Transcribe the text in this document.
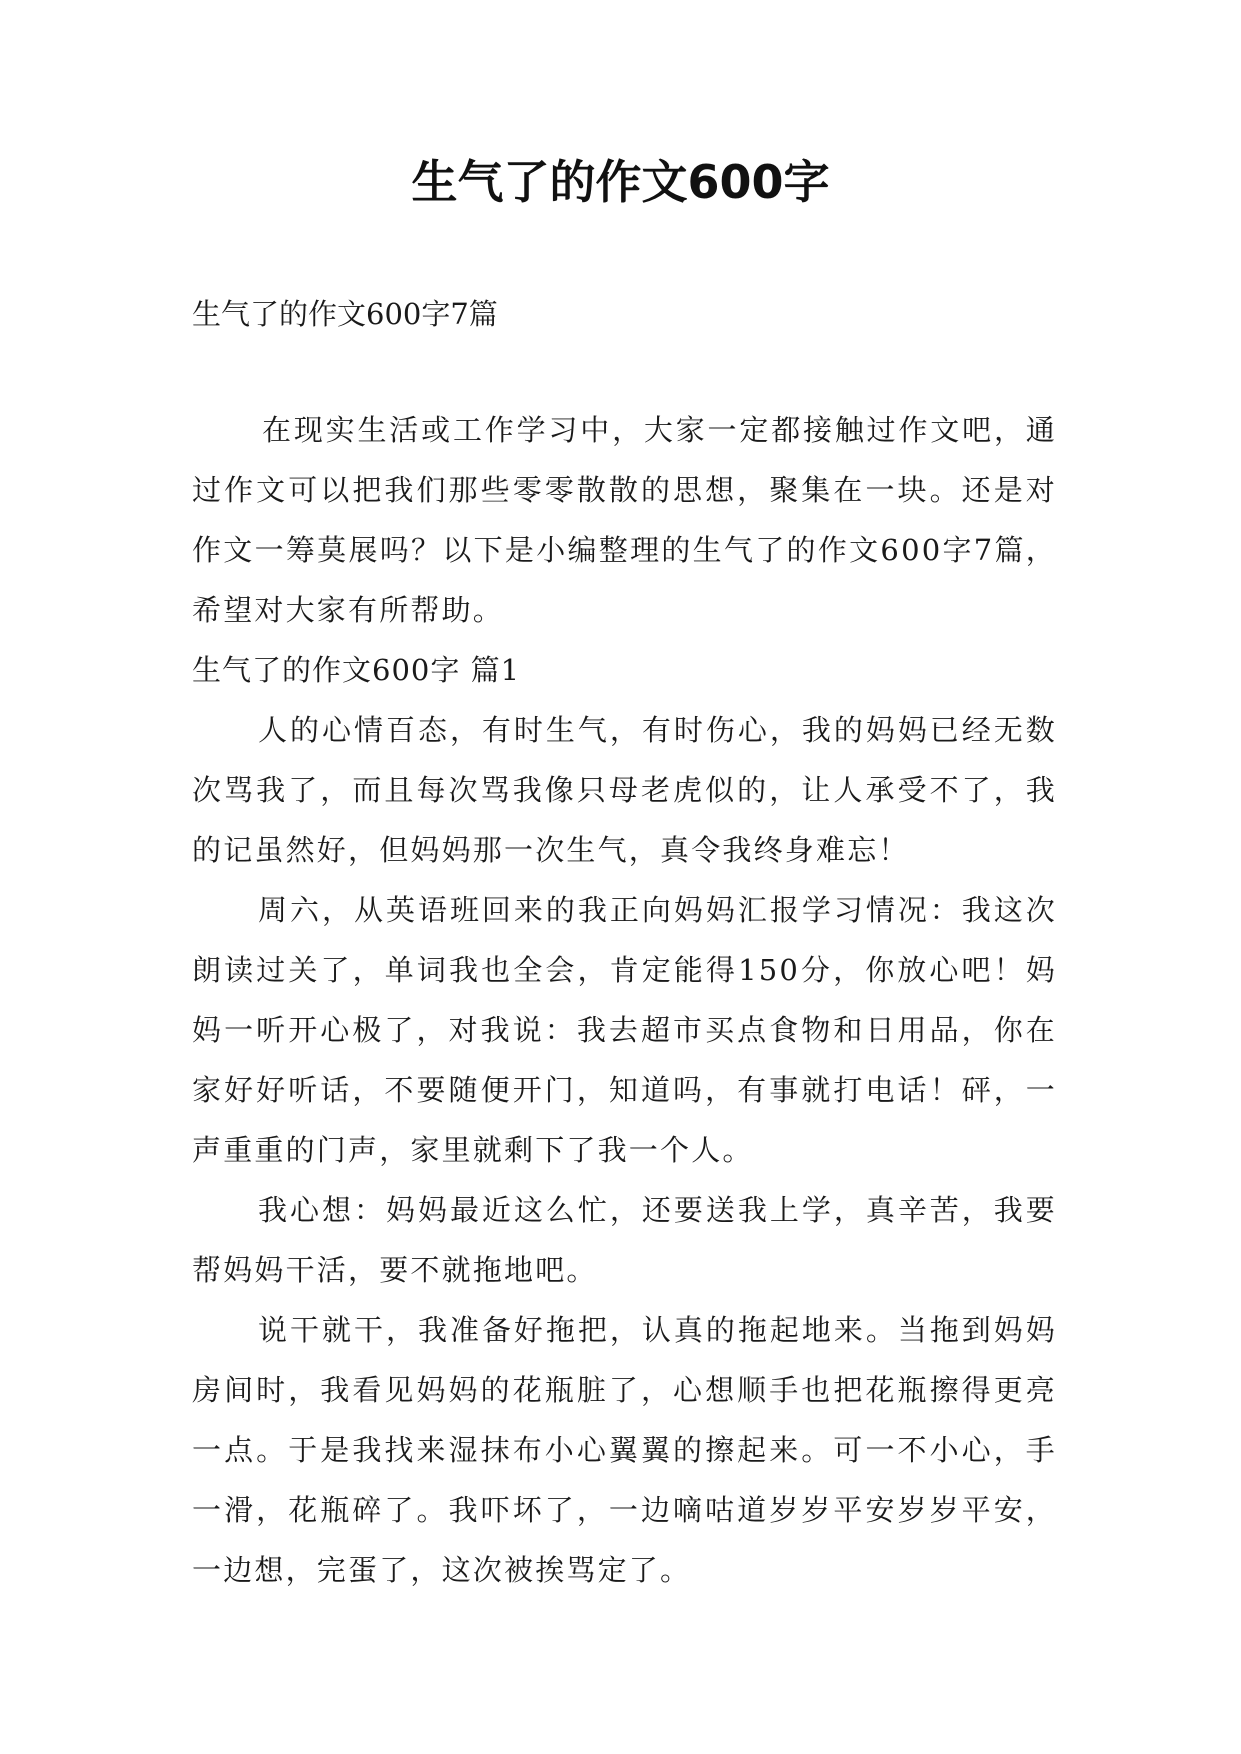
生气了的作文600字

生气了的作文600字7篇

在现实生活或工作学习中，大家一定都接触过作文吧，通过作文可以把我们那些零零散散的思想，聚集在一块。还是对作文一筹莫展吗？以下是小编整理的生气了的作文600字7篇，希望对大家有所帮助。

生气了的作文600字 篇1

人的心情百态，有时生气，有时伤心，我的妈妈已经无数次骂我了，而且每次骂我像只母老虎似的，让人承受不了，我的记虽然好，但妈妈那一次生气，真令我终身难忘！

周六，从英语班回来的我正向妈妈汇报学习情况：我这次朗读过关了，单词我也全会，肯定能得150分，你放心吧！妈妈一听开心极了，对我说：我去超市买点食物和日用品，你在家好好听话，不要随便开门，知道吗，有事就打电话！砰，一声重重的门声，家里就剩下了我一个人。

我心想：妈妈最近这么忙，还要送我上学，真辛苦，我要帮妈妈干活，要不就拖地吧。

说干就干，我准备好拖把，认真的拖起地来。当拖到妈妈房间时，我看见妈妈的花瓶脏了，心想顺手也把花瓶擦得更亮一点。于是我找来湿抹布小心翼翼的擦起来。可一不小心，手一滑，花瓶碎了。我吓坏了，一边嘀咕道岁岁平安岁岁平安，一边想，完蛋了，这次被挨骂定了。
